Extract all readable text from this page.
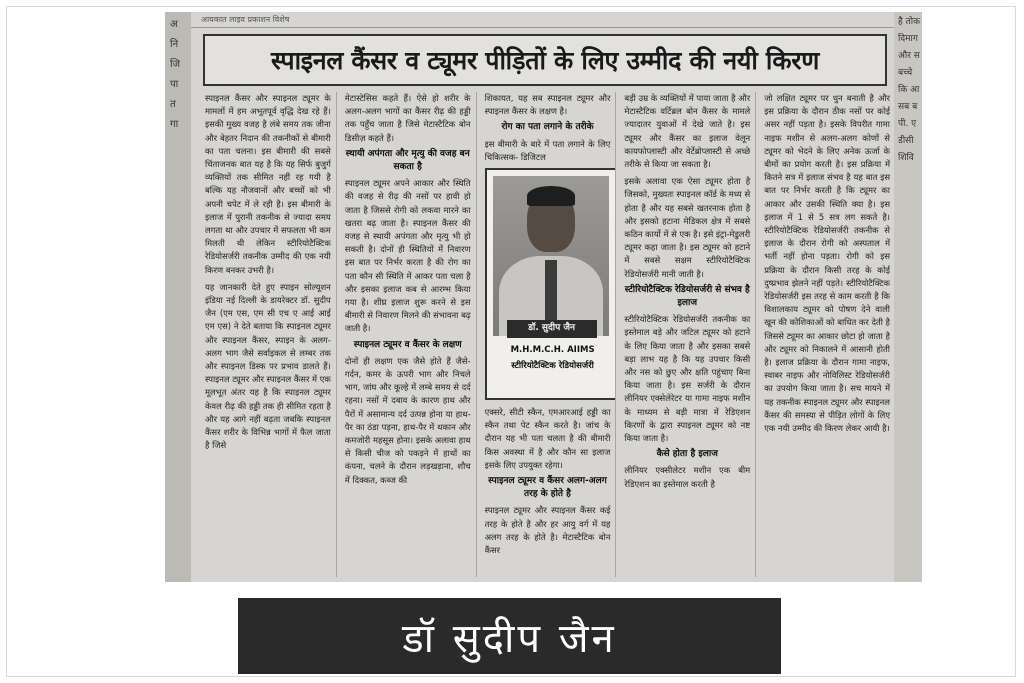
अ
नि
जि
पा
त
गा
है तोक
दिमाग
और स
बच्चे
कि आ
सब ब
पी. ए
डीसी
शिवि
आयकात लाइव प्रकाशन विशेष
स्पाइनल कैंसर व ट्यूमर पीड़ितों के लिए उम्मीद की नयी किरण

स्पाइनल कैंसर और स्पाइनल ट्यूमर के मामलों में हम अभूतपूर्व वृद्धि देख रहे हैं। इसकी मुख्य वजह है लंबे समय तक जीना और बेहतर निदान की तकनीकों से बीमारी का पता चलना। इस बीमारी की सबसे चिंताजनक बात यह है कि यह सिर्फ बुजुर्ग व्यक्तियों तक सीमित नहीं रह गयी है बल्कि यह नौजवानों और बच्चों को भी अपनी चपेट में ले रही है। इस बीमारी के इलाज में पुरानी तकनीक से ज्यादा समय लगता था और उपचार में सफलता भी कम मिलती थी लेकिन स्टीरियोटैक्टिक रेडियोसर्जरी तकनीक उम्मीद की एक नयी किरण बनकर उभरी है।

यह जानकारी देते हुए स्पाइन सोल्यूशन इंडिया नई दिल्ली के डायरेक्टर डॉ. सुदीप जैन (एम एस, एम सी एच ए आई आई एम एस) ने देते बताया कि स्पाइनल ट्यूमर और स्पाइनल कैंसर, स्पाइन के अलग-अलग भाग जैसे सर्वाइकल से लम्बर तक और स्पाइनल डिस्क पर प्रभाव डालते हैं। स्पाइनल ट्यूमर और स्पाइनल कैंसर में एक मूलभूत अंतर यह है कि स्पाइनल ट्यूमर केवल रीढ़ की हड्डी तक ही सीमित रहता है और यह आगे नहीं बढ़ता जबकि स्पाइनल कैंसर शरीर के विभिन्न भागों में फैल जाता है जिसे

मेटास्टेसिस कहते हैं। ऐसे हो शरीर के अलग-अलग भागों का कैंसर रीढ़ की हड्डी तक पहुँच जाता है जिसे मेटास्टैटिक बोन डिसीज़ कहते हैं।

स्थायी अपंगता और मृत्यु की वजह बन सकता है

स्पाइनल ट्यूमर अपने आकार और स्थिति की वजह से रीढ़ की नसों पर हावी हो जाता है जिससे रोगी को लकवा मारने का खतरा बढ़ जाता है। स्पाइनल कैंसर की वजह से स्थायी अपंगता और मृत्यु भी हो सकती है। दोनों ही स्थितियों में निवारण इस बात पर निर्भर करता है की रोग का पता कौन सी स्थिति में आकर पता चला है और इसका इलाज कब से आरम्भ किया गया है। शीघ्र इलाज शुरू करने से इस बीमारी से निवारण मिलने की संभावना बढ़ जाती है।

स्पाइनल ट्यूमर व कैंसर के लक्षण

दोनों ही लक्षण एक जैसे होते हैं जैसे- गर्दन, कमर के ऊपरी भाग और निचले भाग, जांघ और कूल्हे में लम्बे समय से दर्द रहना। नसों में दबाव के कारण हाथ और पैरों में असामान्य दर्द उत्पन्न होना या हाथ-पैर का ठंडा पड़ना, हाथ-पैर में थकान और कमजोरी महसूस होना। इसके अलावा हाथ से किसी चीज को पकड़ने में हाथों का कंपना, चलने के दौरान लड़खड़ाना, शौच में दिक्कत, कब्ज की

शिकायत, यह सब स्पाइनल ट्यूमर और स्पाइनल कैंसर के लक्षण है।

रोग का पता लगाने के तरीके

इस बीमारी के बारे में पता लगाने के लिए चिकित्सक- डिजिटल

डॉ. सुदीप जैन
M.H.M.C.H. AIIMS
स्टीरियोटैक्टिक रेडियोसर्जरी

एक्सरे, सीटी स्कैन, एमआरआई हड्डी का स्कैन तथा पेट स्कैन करते है। जांच के दौरान यह भी पता चलता है की बीमारी किस अवस्था में है और कौन सा इलाज इसके लिए उपयुक्त रहेगा।

स्पाइनल ट्यूमर व कैंसर अलग-अलग तरह के होते है

स्पाइनल ट्यूमर और स्पाइनल कैंसर कई तरह के होते है और हर आयु वर्ग में यह अलग तरह के होते है। मेटास्टैटिक बोन कैंसर

बड़ी उम्र के व्यक्तियों में पाया जाता है और मेटास्टैटिक वर्टिब्रल बोन कैंसर के मामले ज्यादातर युवाओं में देखे जाते है। इस ट्यूमर और कैंसर का इलाज वेलून कायफोप्लास्टी और वेर्टेब्रोप्लास्टी से अच्छे तरीके से किया जा सकता है।

इसके अलावा एक ऐसा ट्यूमर होता है जिसको, मुख्यतः स्पाइनल कॉर्ड के मध्य से होता है और यह सबसे खतरनाक होता है और इसको हटाना मेडिकल क्षेत्र में सबसे कठिन कार्यो में से एक है। इसे इंट्रा-मेडुलरी ट्यूमर कहा जाता है। इस ट्यूमर को हटाने में सबसे सक्षम स्टीरियोटैक्टिक रेडियोसर्जरी मानी जाती है।

स्टीरियोटैक्टिक रेडियोसर्जरी से संभव है इलाज

स्टीरियोटैक्टिक रेडियोसर्जरी तकनीक का इस्तेमाल बड़े और जटिल ट्यूमर को हटाने के लिए किया जाता है और इसका सबसे बड़ा लाभ यह है कि यह उपचार किसी और नस को छुए और क्षति पहुंचाए बिना किया जाता है। इस सर्जरी के दौरान लीनियर एक्सेलेरेटर या गामा नाइफ मशीन के माध्यम से बड़ी मात्रा में रेडिएशन किरणों के द्वारा स्पाइनल ट्यूमर को नष्ट किया जाता है।

कैसे होता है इलाज

लीनियर एक्सीलेटर मशीन एक बीम रेडिएशन का इस्तेमाल करती है

जो लक्षित ट्यूमर पर धुन बनाती है और इस प्रक्रिया के दौरान ठीक नसों पर कोई असर नहीं पड़ता है। इसके विपरीत गामा नाइफ मशीन से अलग-अलग कोणों से ट्यूमर को भेदने के लिए अनेक ऊर्जा के बीमों का प्रयोग करती है। इस प्रक्रिया में कितने सत्र में इलाज संभव है यह बात इस बात पर निर्भर करती है कि ट्यूमर का आकार और उसकी स्थिति क्या है। इस इलाज में 1 से 5 सत्र लग सकते है। स्टीरियोटैक्टिक रेडियोसर्जरी तकनीक से इलाज के दौरान रोगी को अस्पताल में भर्ती नहीं होना पड़ता। रोगी को इस प्रक्रिया के दौरान किसी तरह के कोई दुष्प्रभाव झेलने नहीं पड़ते। स्टीरियोटैक्टिक रेडियोसर्जरी इस तरह से काम करती है कि विशालकाय ट्यूमर को पोषण देने वाली खून की कोशिकाओं को बाधित कर देती है जिससे ट्यूमर का आकार छोटा हो जाता है और ट्यूमर को निकालने में आसानी होती है। इलाज प्रक्रिया के दौरान गामा नाइफ, स्वाबर नाइफ और नोविलिस्ट रेडियोसर्जरी का उपयोग किया जाता है। सच मायने में यह तकनीक स्पाइनल ट्यूमर और स्पाइनल कैंसर की समस्या से पीड़ित लोगों के लिए एक नयी उम्मीद की किरण लेकर आयी है।

डॉ सुदीप जैन
